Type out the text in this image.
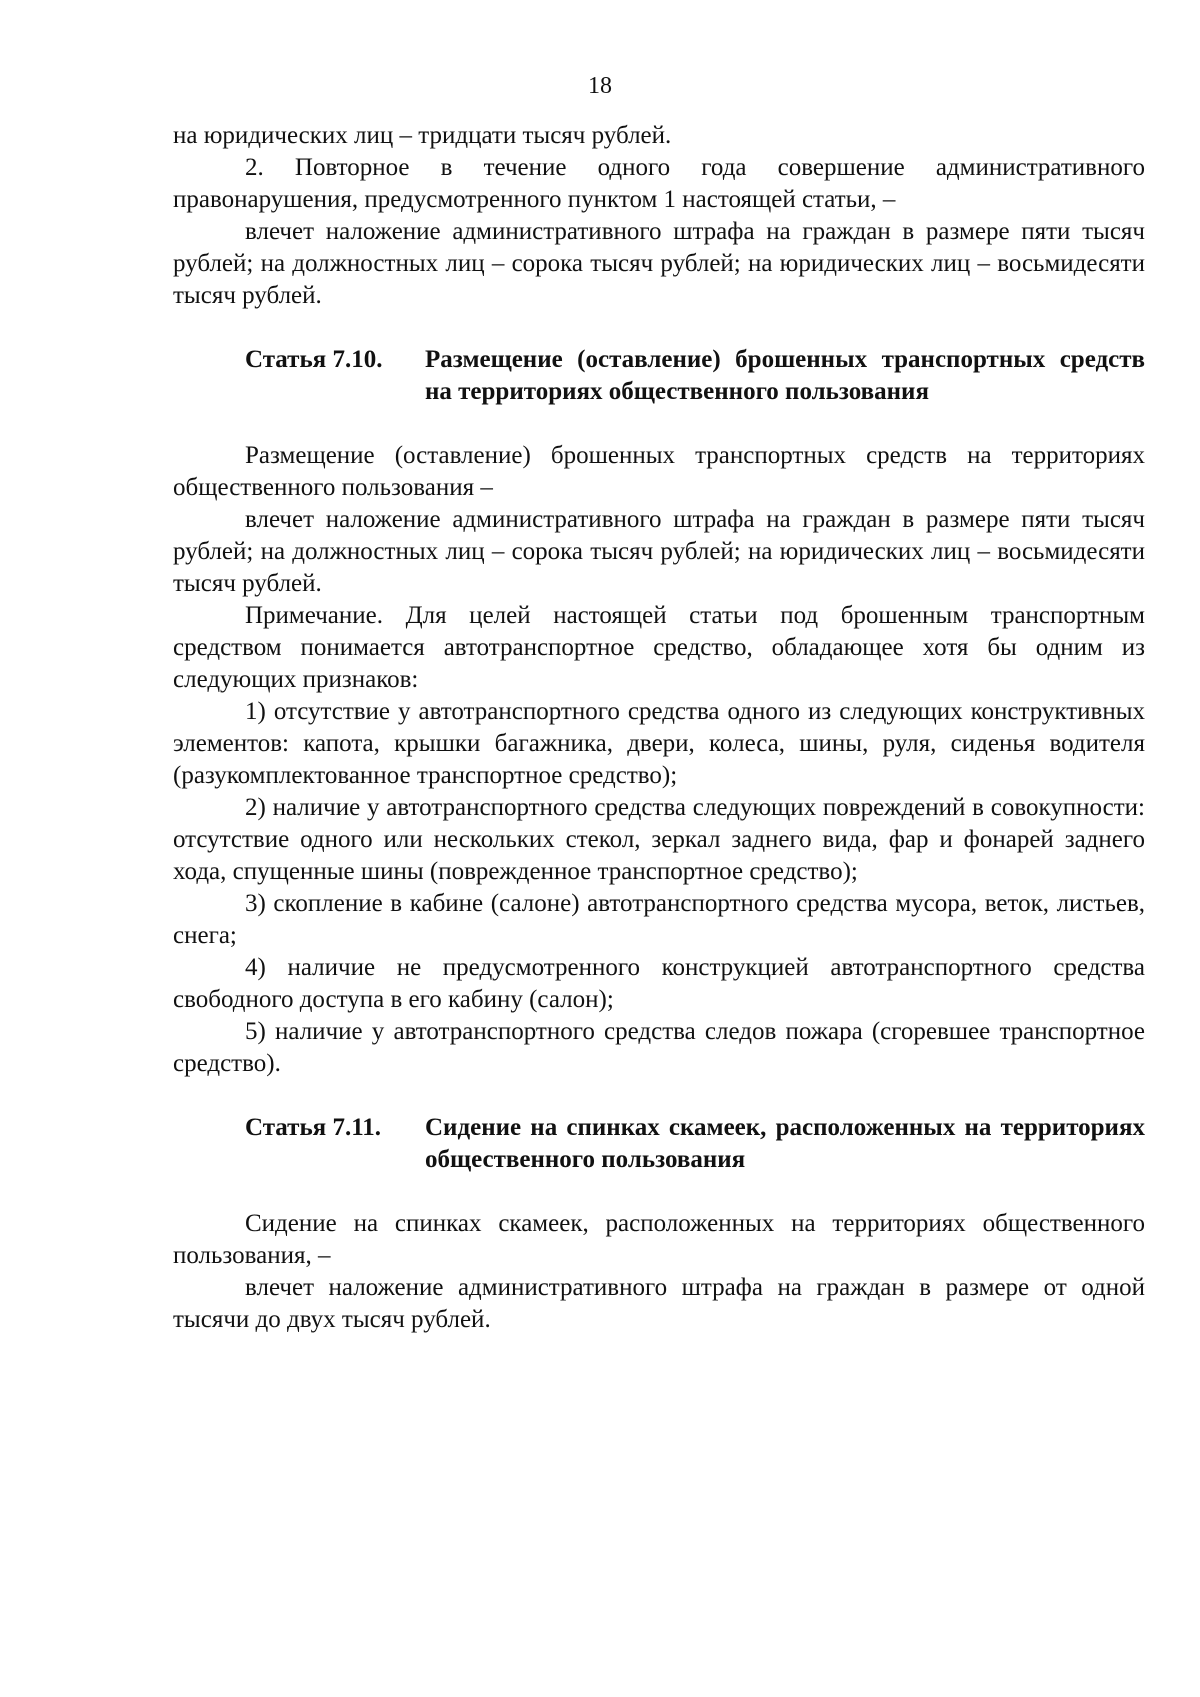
18

на юридических лиц – тридцати тысяч рублей.

2. Повторное в течение одного года совершение административного правонарушения, предусмотренного пунктом 1 настоящей статьи, –

влечет наложение административного штрафа на граждан в размере пяти тысяч рублей; на должностных лиц – сорока тысяч рублей; на юридических лиц – восьмидесяти тысяч рублей.

Статья 7.10.	Размещение (оставление) брошенных транспортных средств на территориях общественного пользования

Размещение (оставление) брошенных транспортных средств на территориях общественного пользования –

влечет наложение административного штрафа на граждан в размере пяти тысяч рублей; на должностных лиц – сорока тысяч рублей; на юридических лиц – восьмидесяти тысяч рублей.

Примечание. Для целей настоящей статьи под брошенным транспортным средством понимается автотранспортное средство, обладающее хотя бы одним из следующих признаков:

1) отсутствие у автотранспортного средства одного из следующих конструктивных элементов: капота, крышки багажника, двери, колеса, шины, руля, сиденья водителя (разукомплектованное транспортное средство);

2) наличие у автотранспортного средства следующих повреждений в совокупности: отсутствие одного или нескольких стекол, зеркал заднего вида, фар и фонарей заднего хода, спущенные шины (поврежденное транспортное средство);

3) скопление в кабине (салоне) автотранспортного средства мусора, веток, листьев, снега;

4) наличие не предусмотренного конструкцией автотранспортного средства свободного доступа в его кабину (салон);

5) наличие у автотранспортного средства следов пожара (сгоревшее транспортное средство).

Статья 7.11.	Сидение на спинках скамеек, расположенных на территориях общественного пользования

Сидение на спинках скамеек, расположенных на территориях общественного пользования, –

влечет наложение административного штрафа на граждан в размере от одной тысячи до двух тысяч рублей.
